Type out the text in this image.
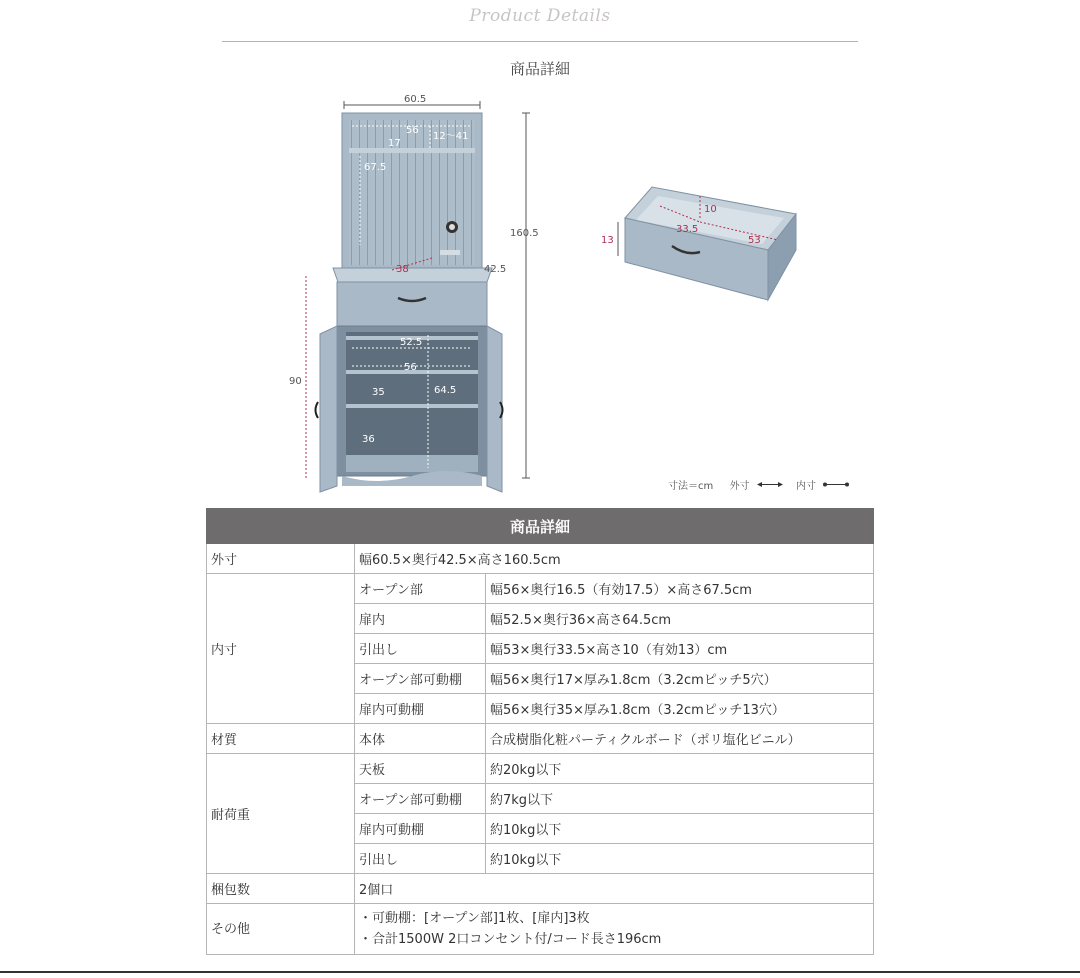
Product Details
商品詳細
60.5
56
17
12～41
67.5
160.5
38	42.5
90
52.5
56
35	64.5
36
10
33.5
53
13
寸法＝cm 外寸	内寸
商品詳細		
外寸	幅60.5×奥行42.5×高さ160.5cm	
内寸	オープン部	幅56×奥行16.5（有効17.5）×高さ67.5cm
	扉内	幅52.5×奥行36×高さ64.5cm
	引出し	幅53×奥行33.5×高さ10（有効13）cm
	オープン部可動棚	幅56×奥行17×厚み1.8cm（3.2cmピッチ5穴）
	扉内可動棚	幅56×奥行35×厚み1.8cm（3.2cmピッチ13穴）
材質	本体	合成樹脂化粧パーティクルボード（ポリ塩化ビニル）
耐荷重	天板	約20kg以下
	オープン部可動棚	約7kg以下
	扉内可動棚	約10kg以下
	引出し	約10kg以下
梱包数	2個口	
その他	・可動棚：[オープン部]1枚、[扉内]3枚
・合計1500W 2口コンセント付/コード長さ196cm	
